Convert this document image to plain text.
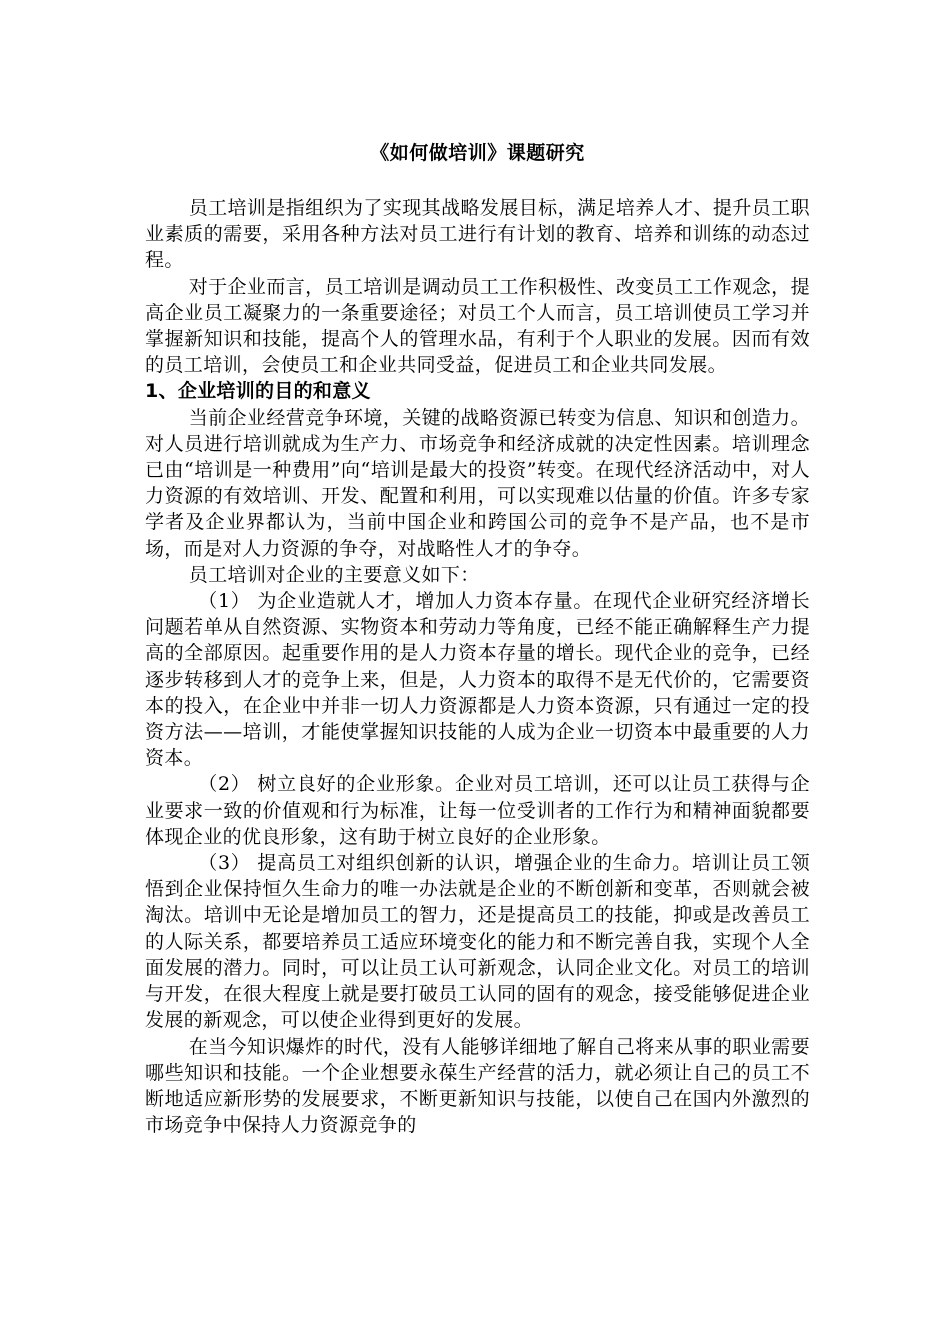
《如何做培训》课题研究

员工培训是指组织为了实现其战略发展目标，满足培养人才、提升员工职业素质的需要，采用各种方法对员工进行有计划的教育、培养和训练的动态过程。

对于企业而言，员工培训是调动员工工作积极性、改变员工工作观念，提高企业员工凝聚力的一条重要途径；对员工个人而言，员工培训使员工学习并掌握新知识和技能，提高个人的管理水品，有利于个人职业的发展。因而有效的员工培训，会使员工和企业共同受益，促进员工和企业共同发展。

1、企业培训的目的和意义

当前企业经营竞争环境，关键的战略资源已转变为信息、知识和创造力。对人员进行培训就成为生产力、市场竞争和经济成就的决定性因素。培训理念已由“培训是一种费用”向“培训是最大的投资”转变。在现代经济活动中，对人力资源的有效培训、开发、配置和利用，可以实现难以估量的价值。许多专家学者及企业界都认为，当前中国企业和跨国公司的竞争不是产品，也不是市场，而是对人力资源的争夺，对战略性人才的争夺。

员工培训对企业的主要意义如下：

（1） 为企业造就人才，增加人力资本存量。在现代企业研究经济增长问题若单从自然资源、实物资本和劳动力等角度，已经不能正确解释生产力提高的全部原因。起重要作用的是人力资本存量的增长。现代企业的竞争，已经逐步转移到人才的竞争上来，但是，人力资本的取得不是无代价的，它需要资本的投入，在企业中并非一切人力资源都是人力资本资源，只有通过一定的投资方法——培训，才能使掌握知识技能的人成为企业一切资本中最重要的人力资本。

（2） 树立良好的企业形象。企业对员工培训，还可以让员工获得与企业要求一致的价值观和行为标准，让每一位受训者的工作行为和精神面貌都要体现企业的优良形象，这有助于树立良好的企业形象。

（3） 提高员工对组织创新的认识，增强企业的生命力。培训让员工领悟到企业保持恒久生命力的唯一办法就是企业的不断创新和变革，否则就会被淘汰。培训中无论是增加员工的智力，还是提高员工的技能，抑或是改善员工的人际关系，都要培养员工适应环境变化的能力和不断完善自我，实现个人全面发展的潜力。同时，可以让员工认可新观念，认同企业文化。对员工的培训与开发，在很大程度上就是要打破员工认同的固有的观念，接受能够促进企业发展的新观念，可以使企业得到更好的发展。

在当今知识爆炸的时代，没有人能够详细地了解自己将来从事的职业需要哪些知识和技能。一个企业想要永葆生产经营的活力，就必须让自己的员工不断地适应新形势的发展要求，不断更新知识与技能，以使自己在国内外激烈的市场竞争中保持人力资源竞争的
